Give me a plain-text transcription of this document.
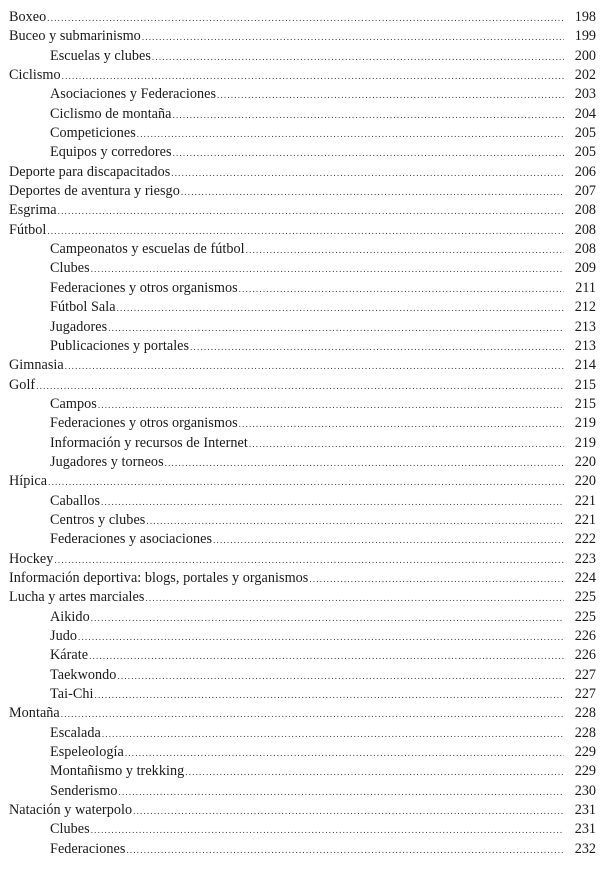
Boxeo .....	198
Buceo y submarinismo .....	199
Escuelas y clubes .....	200
Ciclismo .....	202
Asociaciones y Federaciones .....	203
Ciclismo de montaña .....	204
Competiciones .....	205
Equipos y corredores .....	205
Deporte para discapacitados .....	206
Deportes de aventura y riesgo .....	207
Esgrima .....	208
Fútbol .....	208
Campeonatos y escuelas de fútbol .....	208
Clubes .....	209
Federaciones y otros organismos .....	211
Fútbol Sala .....	212
Jugadores .....	213
Publicaciones y portales .....	213
Gimnasia .....	214
Golf .....	215
Campos .....	215
Federaciones y otros organismos .....	219
Información y recursos de Internet .....	219
Jugadores y torneos .....	220
Hípica .....	220
Caballos .....	221
Centros y clubes .....	221
Federaciones y asociaciones .....	222
Hockey .....	223
Información deportiva: blogs, portales y organismos .....	224
Lucha y artes marciales .....	225
Aikido .....	225
Judo .....	226
Kárate .....	226
Taekwondo .....	227
Tai-Chi .....	227
Montaña .....	228
Escalada .....	228
Espeleología .....	229
Montañismo y trekking .....	229
Senderismo .....	230
Natación y waterpolo .....	231
Clubes .....	231
Federaciones .....	232
